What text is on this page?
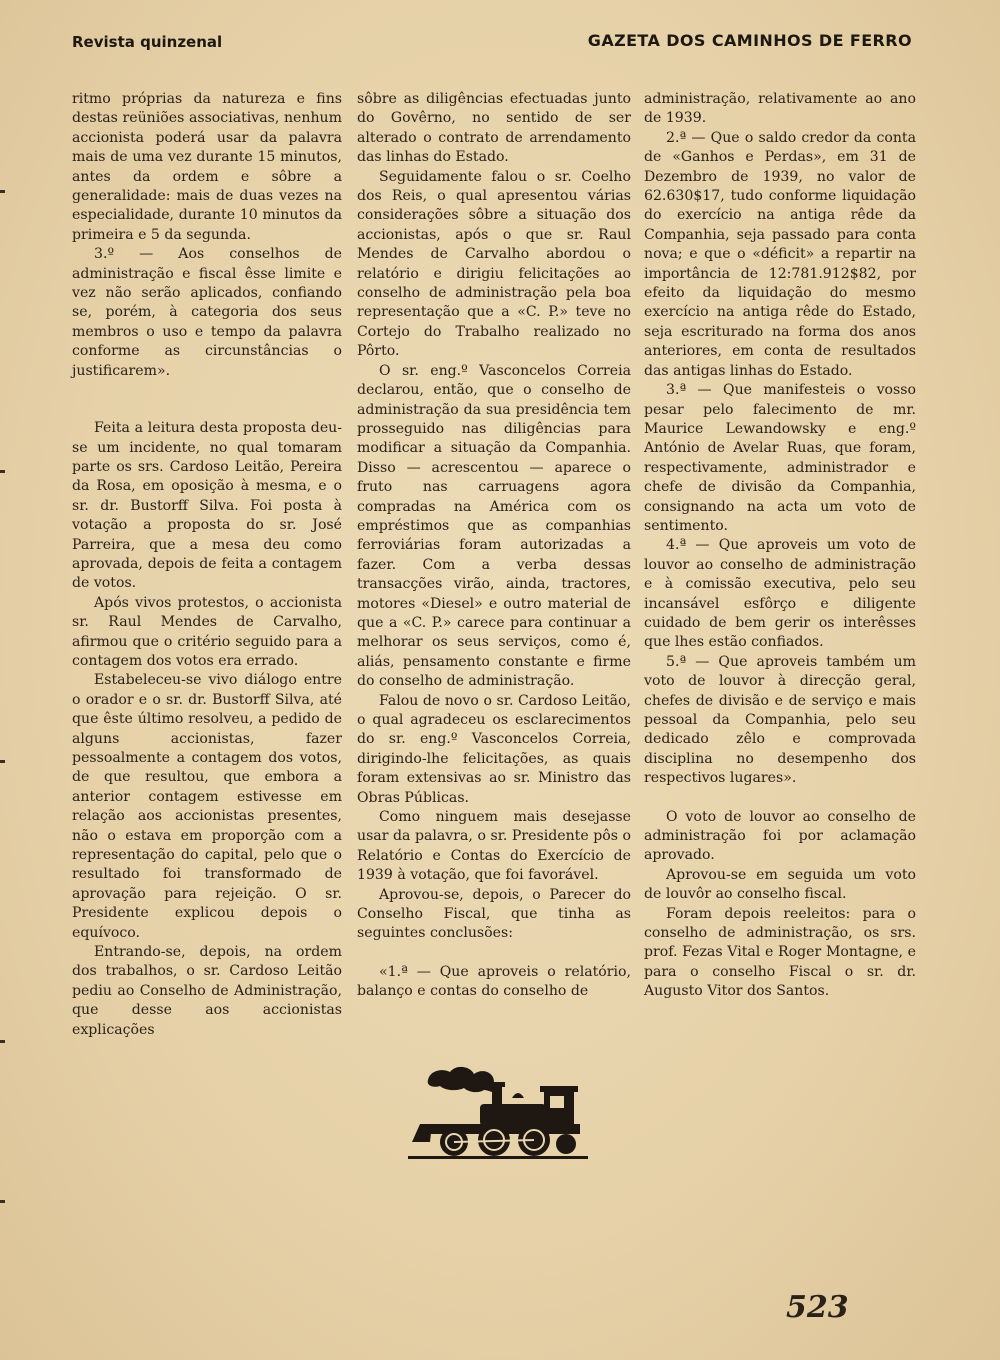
Revista quinzenal	GAZETA DOS CAMINHOS DE FERRO

ritmo próprias da natureza e fins destas reüniões associativas, nenhum accionista poderá usar da palavra mais de uma vez durante 15 minutos, antes da ordem e sôbre a generalidade: mais de duas vezes na especialidade, durante 10 minutos da primeira e 5 da segunda.

3.º — Aos conselhos de administração e fiscal êsse limite e vez não serão aplicados, confiando se, porém, à categoria dos seus membros o uso e tempo da palavra conforme as circunstâncias o justificarem».

Feita a leitura desta proposta deu-se um incidente, no qual tomaram parte os srs. Cardoso Leitão, Pereira da Rosa, em oposição à mesma, e o sr. dr. Bustorff Silva. Foi posta à votação a proposta do sr. José Parreira, que a mesa deu como aprovada, depois de feita a contagem de votos.

Após vivos protestos, o accionista sr. Raul Mendes de Carvalho, afirmou que o critério seguido para a contagem dos votos era errado.

Estabeleceu-se vivo diálogo entre o orador e o sr. dr. Bustorff Silva, até que êste último resolveu, a pedido de alguns accionistas, fazer pessoalmente a contagem dos votos, de que resultou, que embora a anterior contagem estivesse em relação aos accionistas presentes, não o estava em proporção com a representação do capital, pelo que o resultado foi transformado de aprovação para rejeição. O sr. Presidente explicou depois o equívoco.

Entrando-se, depois, na ordem dos trabalhos, o sr. Cardoso Leitão pediu ao Conselho de Administração, que desse aos accionistas explicações

sôbre as diligências efectuadas junto do Govêrno, no sentido de ser alterado o contrato de arrendamento das linhas do Estado.

Seguidamente falou o sr. Coelho dos Reis, o qual apresentou várias considerações sôbre a situação dos accionistas, após o que sr. Raul Mendes de Carvalho abordou o relatório e dirigiu felicitações ao conselho de administração pela boa representação que a «C. P.» teve no Cortejo do Trabalho realizado no Pôrto.

O sr. eng.º Vasconcelos Correia declarou, então, que o conselho de administração da sua presidência tem prosseguido nas diligências para modificar a situação da Companhia. Disso — acrescentou — aparece o fruto nas carruagens agora compradas na América com os empréstimos que as companhias ferroviárias foram autorizadas a fazer. Com a verba dessas transacções virão, ainda, tractores, motores «Diesel» e outro material de que a «C. P.» carece para continuar a melhorar os seus serviços, como é, aliás, pensamento constante e firme do conselho de administração.

Falou de novo o sr. Cardoso Leitão, o qual agradeceu os esclarecimentos do sr. eng.º Vasconcelos Correia, dirigindo-lhe felicitações, as quais foram extensivas ao sr. Ministro das Obras Públicas.

Como ninguem mais desejasse usar da palavra, o sr. Presidente pôs o Relatório e Contas do Exercício de 1939 à votação, que foi favorável.

Aprovou-se, depois, o Parecer do Conselho Fiscal, que tinha as seguintes conclusões:

«1.ª — Que aproveis o relatório, balanço e contas do conselho de

administração, relativamente ao ano de 1939.

2.ª — Que o saldo credor da conta de «Ganhos e Perdas», em 31 de Dezembro de 1939, no valor de 62.630$17, tudo conforme liquidação do exercício na antiga rêde da Companhia, seja passado para conta nova; e que o «déficit» a repartir na importância de 12:781.912$82, por efeito da liquidação do mesmo exercício na antiga rêde do Estado, seja escriturado na forma dos anos anteriores, em conta de resultados das antigas linhas do Estado.

3.ª — Que manifesteis o vosso pesar pelo falecimento de mr. Maurice Lewandowsky e eng.º António de Avelar Ruas, que foram, respectivamente, administrador e chefe de divisão da Companhia, consignando na acta um voto de sentimento.

4.ª — Que aproveis um voto de louvor ao conselho de administração e à comissão executiva, pelo seu incansável esfôrço e diligente cuidado de bem gerir os interêsses que lhes estão confiados.

5.ª — Que aproveis também um voto de louvor à direcção geral, chefes de divisão e de serviço e mais pessoal da Companhia, pelo seu dedicado zêlo e comprovada disciplina no desempenho dos respectivos lugares».

O voto de louvor ao conselho de administração foi por aclamação aprovado.

Aprovou-se em seguida um voto de louvôr ao conselho fiscal.

Foram depois reeleitos: para o conselho de administração, os srs. prof. Fezas Vital e Roger Montagne, e para o conselho Fiscal o sr. dr. Augusto Vitor dos Santos.

523
